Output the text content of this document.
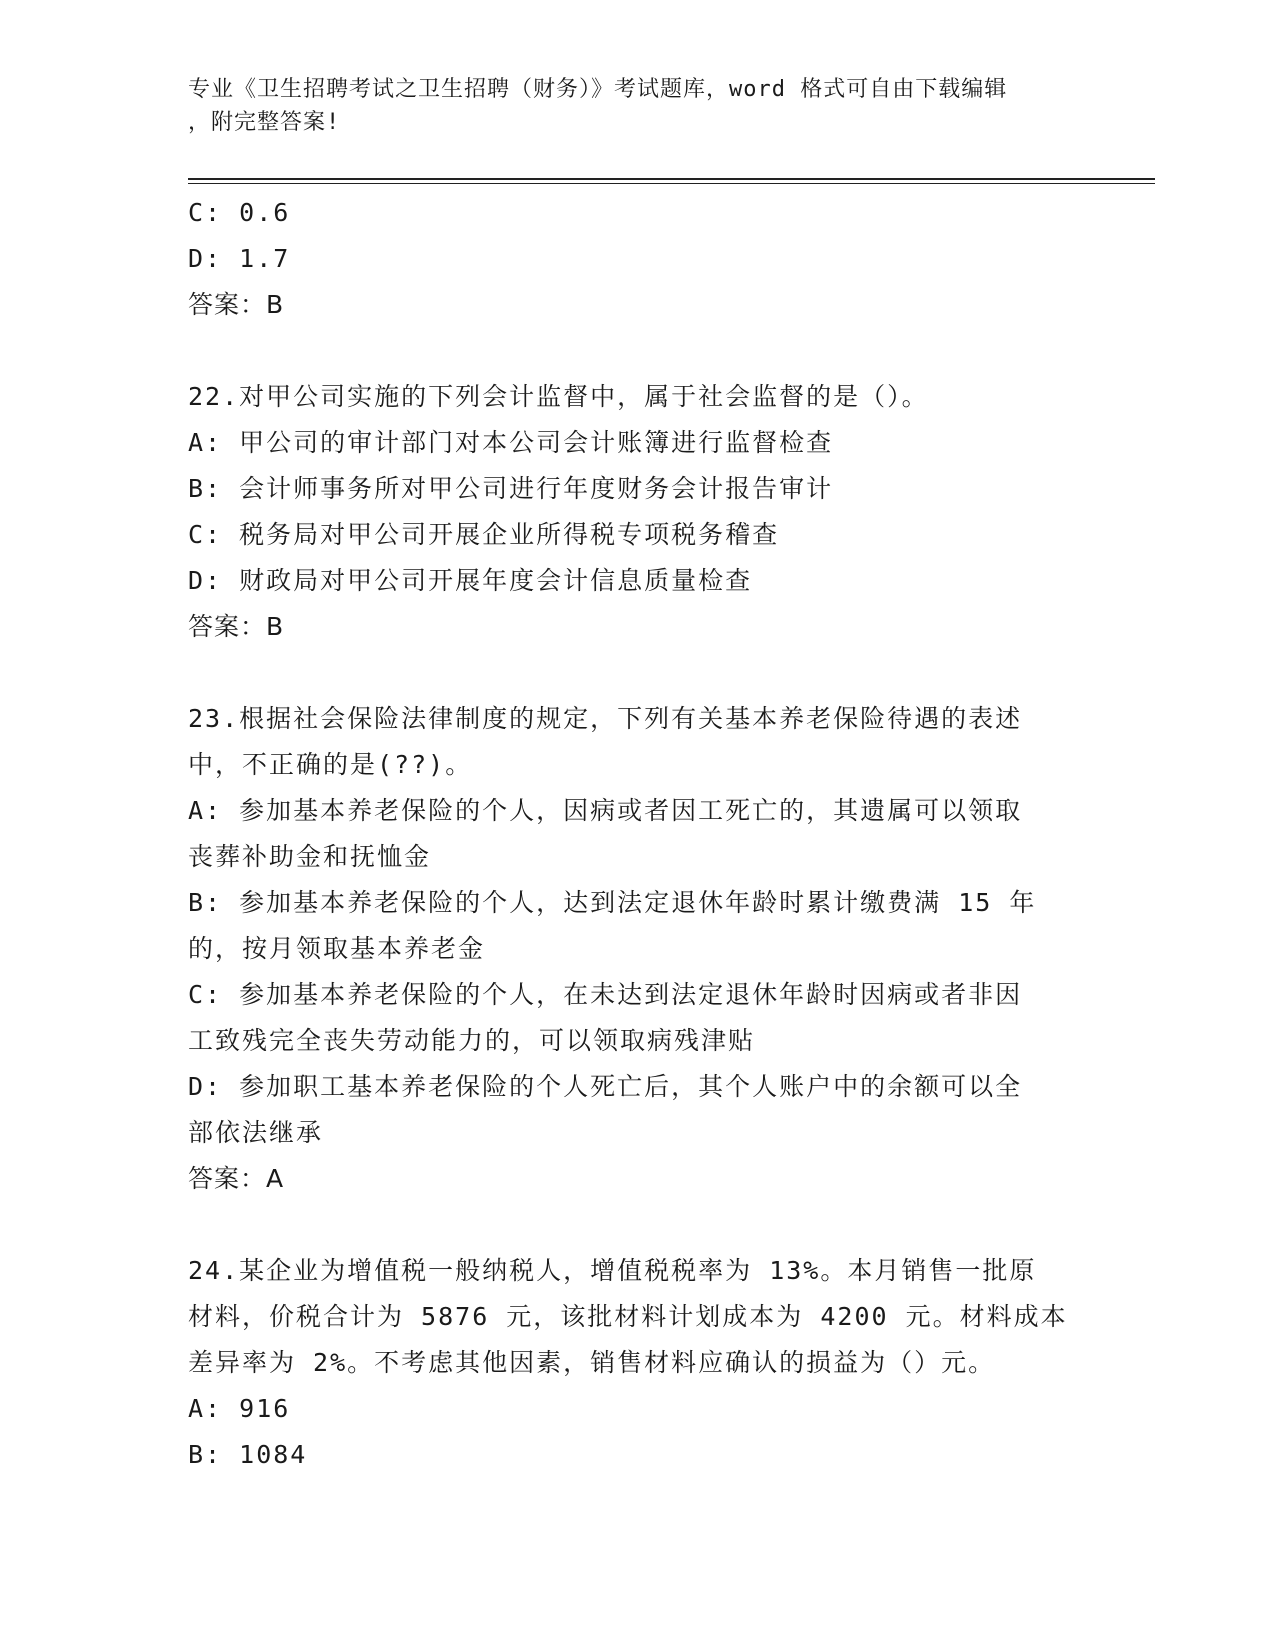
专业《卫生招聘考试之卫生招聘（财务）》考试题库，word 格式可自由下载编辑
，附完整答案!
C: 0.6
D: 1.7
答案：B
22.对甲公司实施的下列会计监督中，属于社会监督的是（）。
A: 甲公司的审计部门对本公司会计账簿进行监督检查
B: 会计师事务所对甲公司进行年度财务会计报告审计
C: 税务局对甲公司开展企业所得税专项税务稽查
D: 财政局对甲公司开展年度会计信息质量检查
答案：B
23.根据社会保险法律制度的规定，下列有关基本养老保险待遇的表述
中，不正确的是(??)。
A: 参加基本养老保险的个人，因病或者因工死亡的，其遗属可以领取
丧葬补助金和抚恤金
B: 参加基本养老保险的个人，达到法定退休年龄时累计缴费满 15 年
的，按月领取基本养老金
C: 参加基本养老保险的个人，在未达到法定退休年龄时因病或者非因
工致残完全丧失劳动能力的，可以领取病残津贴
D: 参加职工基本养老保险的个人死亡后，其个人账户中的余额可以全
部依法继承
答案：A
24.某企业为增值税一般纳税人，增值税税率为 13%。本月销售一批原
材料，价税合计为 5876 元，该批材料计划成本为 4200 元。材料成本
差异率为 2%。不考虑其他因素，销售材料应确认的损益为（）元。
A: 916
B: 1084
